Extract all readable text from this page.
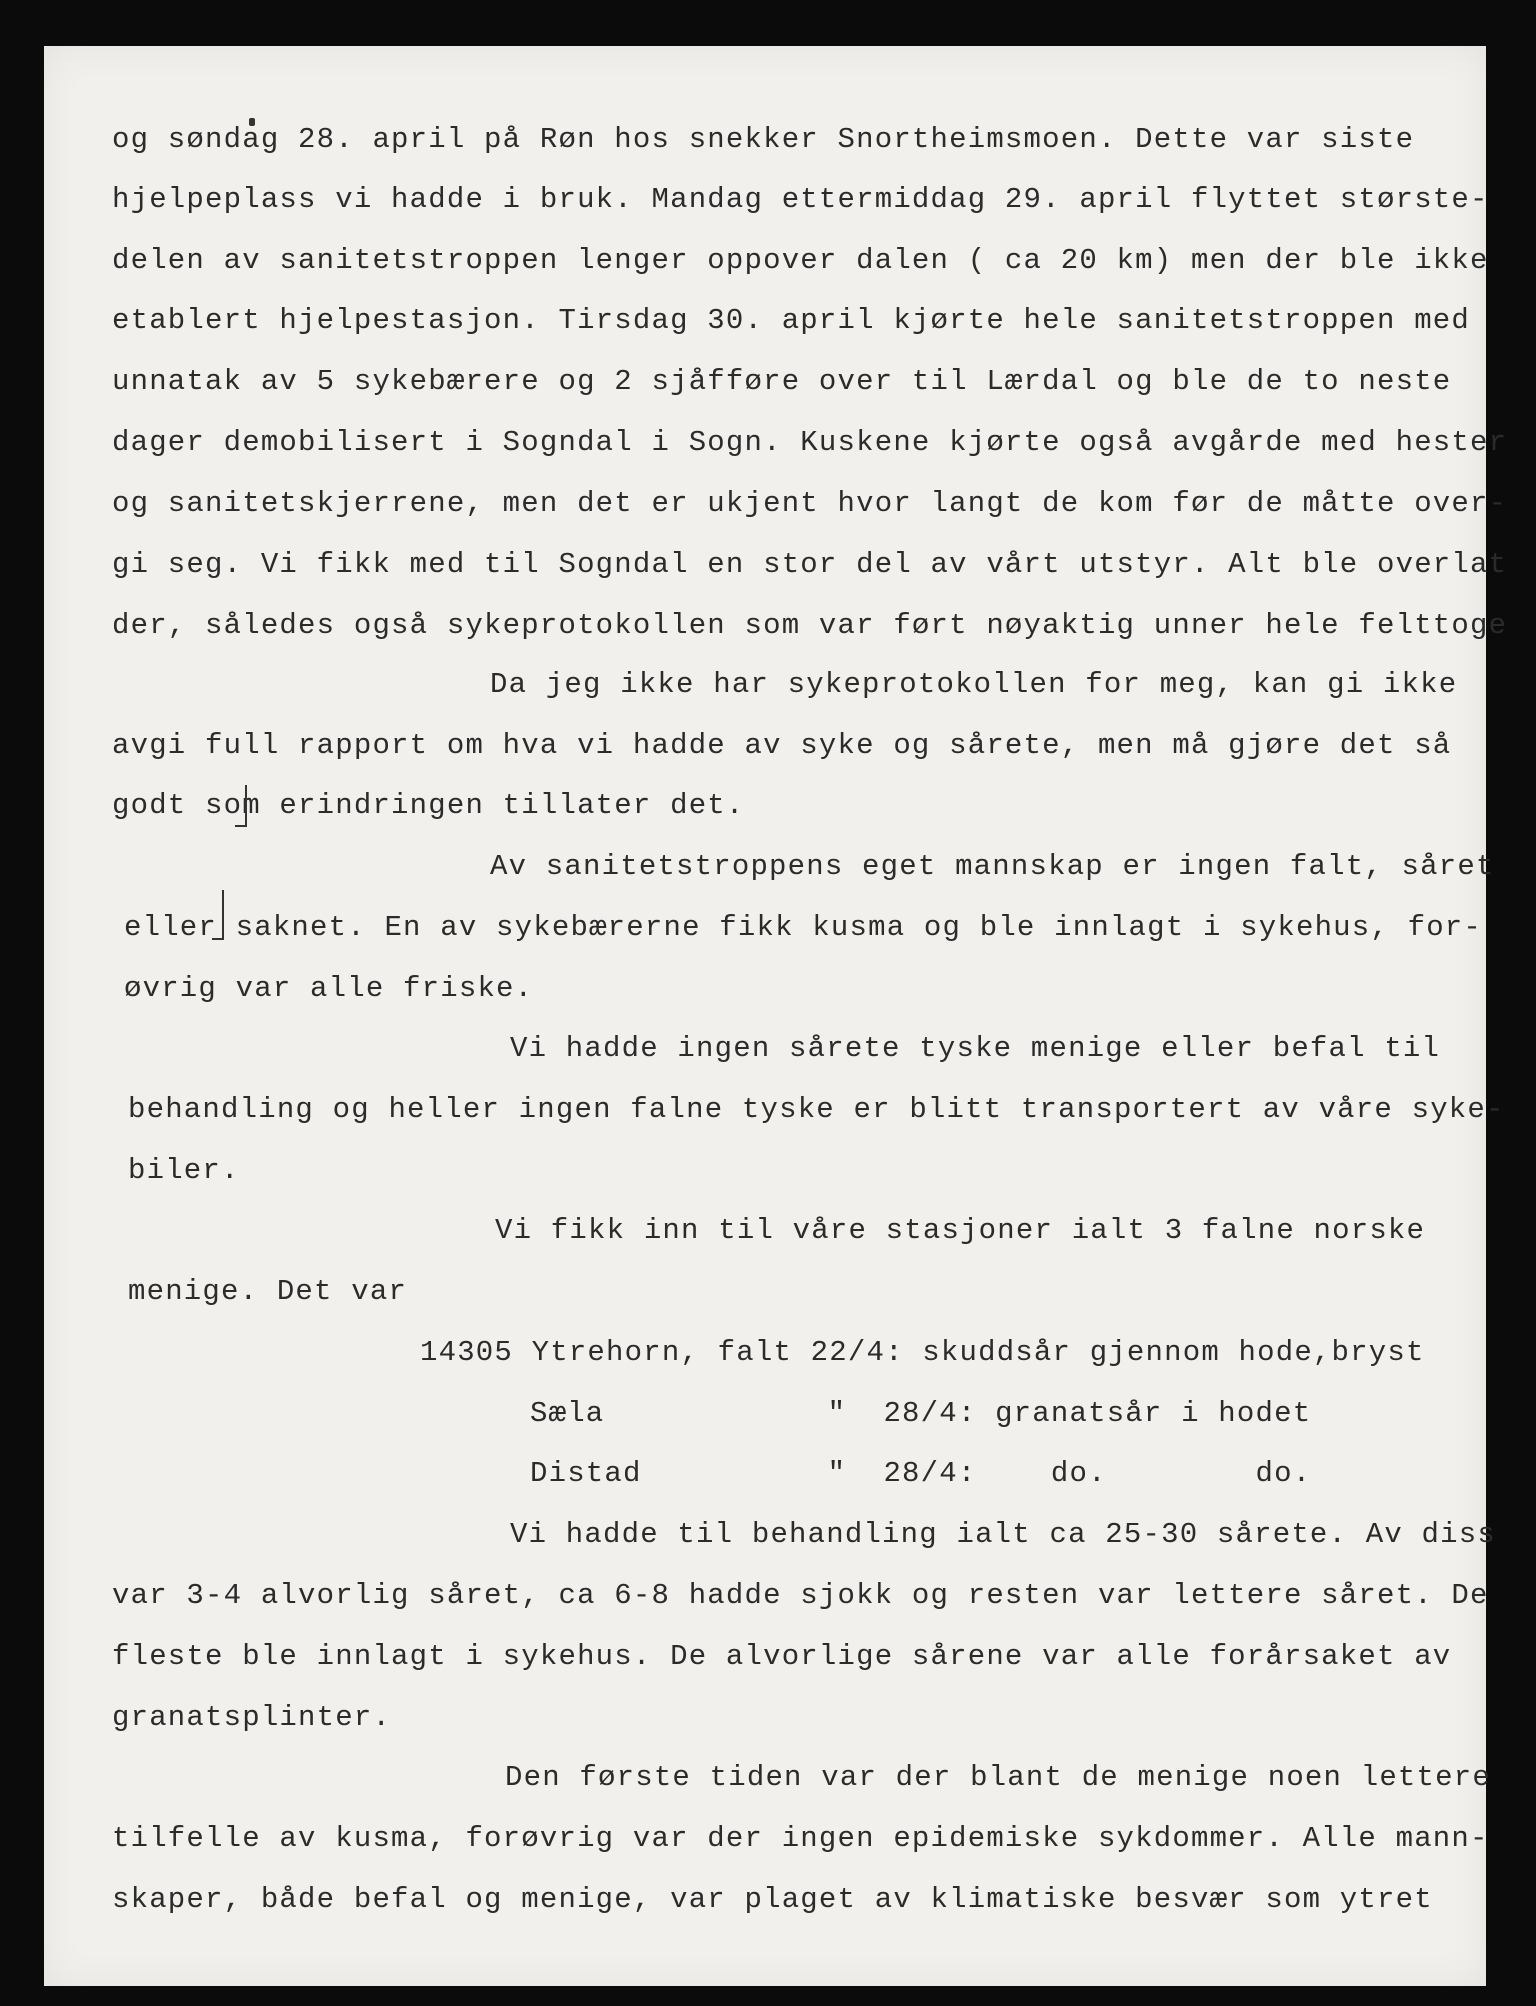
og søndag 28. april på Røn hos snekker Snortheimsmoen. Dette var siste
hjelpeplass vi hadde i bruk. Mandag ettermiddag 29. april flyttet største-
delen av sanitetstroppen lenger oppover dalen ( ca 20 km) men der ble ikke
etablert hjelpestasjon. Tirsdag 30. april kjørte hele sanitetstroppen med
unnatak av 5 sykebærere og 2 sjåfføre over til Lærdal og ble de to neste
dager demobilisert i Sogndal i Sogn. Kuskene kjørte også avgårde med hester
og sanitetskjerrene, men det er ukjent hvor langt de kom før de måtte over-
gi seg. Vi fikk med til Sogndal en stor del av vårt utstyr. Alt ble overlat
der, således også sykeprotokollen som var ført nøyaktig unner hele felttoge
Da jeg ikke har sykeprotokollen for meg, kan gi ikke
avgi full rapport om hva vi hadde av syke og sårete, men må gjøre det så
godt som erindringen tillater det.
Av sanitetstroppens eget mannskap er ingen falt, såret
eller saknet. En av sykebærerne fikk kusma og ble innlagt i sykehus, for-
øvrig var alle friske.
Vi hadde ingen sårete tyske menige eller befal til
behandling og heller ingen falne tyske er blitt transportert av våre syke-
biler.
Vi fikk inn til våre stasjoner ialt 3 falne norske
menige. Det var
14305 Ytrehorn, falt 22/4: skuddsår gjennom hode,bryst
Sæla            "  28/4: granatsår i hodet
Distad          "  28/4:    do.        do.
Vi hadde til behandling ialt ca 25-30 sårete. Av diss
var 3-4 alvorlig såret, ca 6-8 hadde sjokk og resten var lettere såret. De
fleste ble innlagt i sykehus. De alvorlige sårene var alle forårsaket av
granatsplinter.
Den første tiden var der blant de menige noen lettere
tilfelle av kusma, forøvrig var der ingen epidemiske sykdommer. Alle mann-
skaper, både befal og menige, var plaget av klimatiske besvær som ytret
